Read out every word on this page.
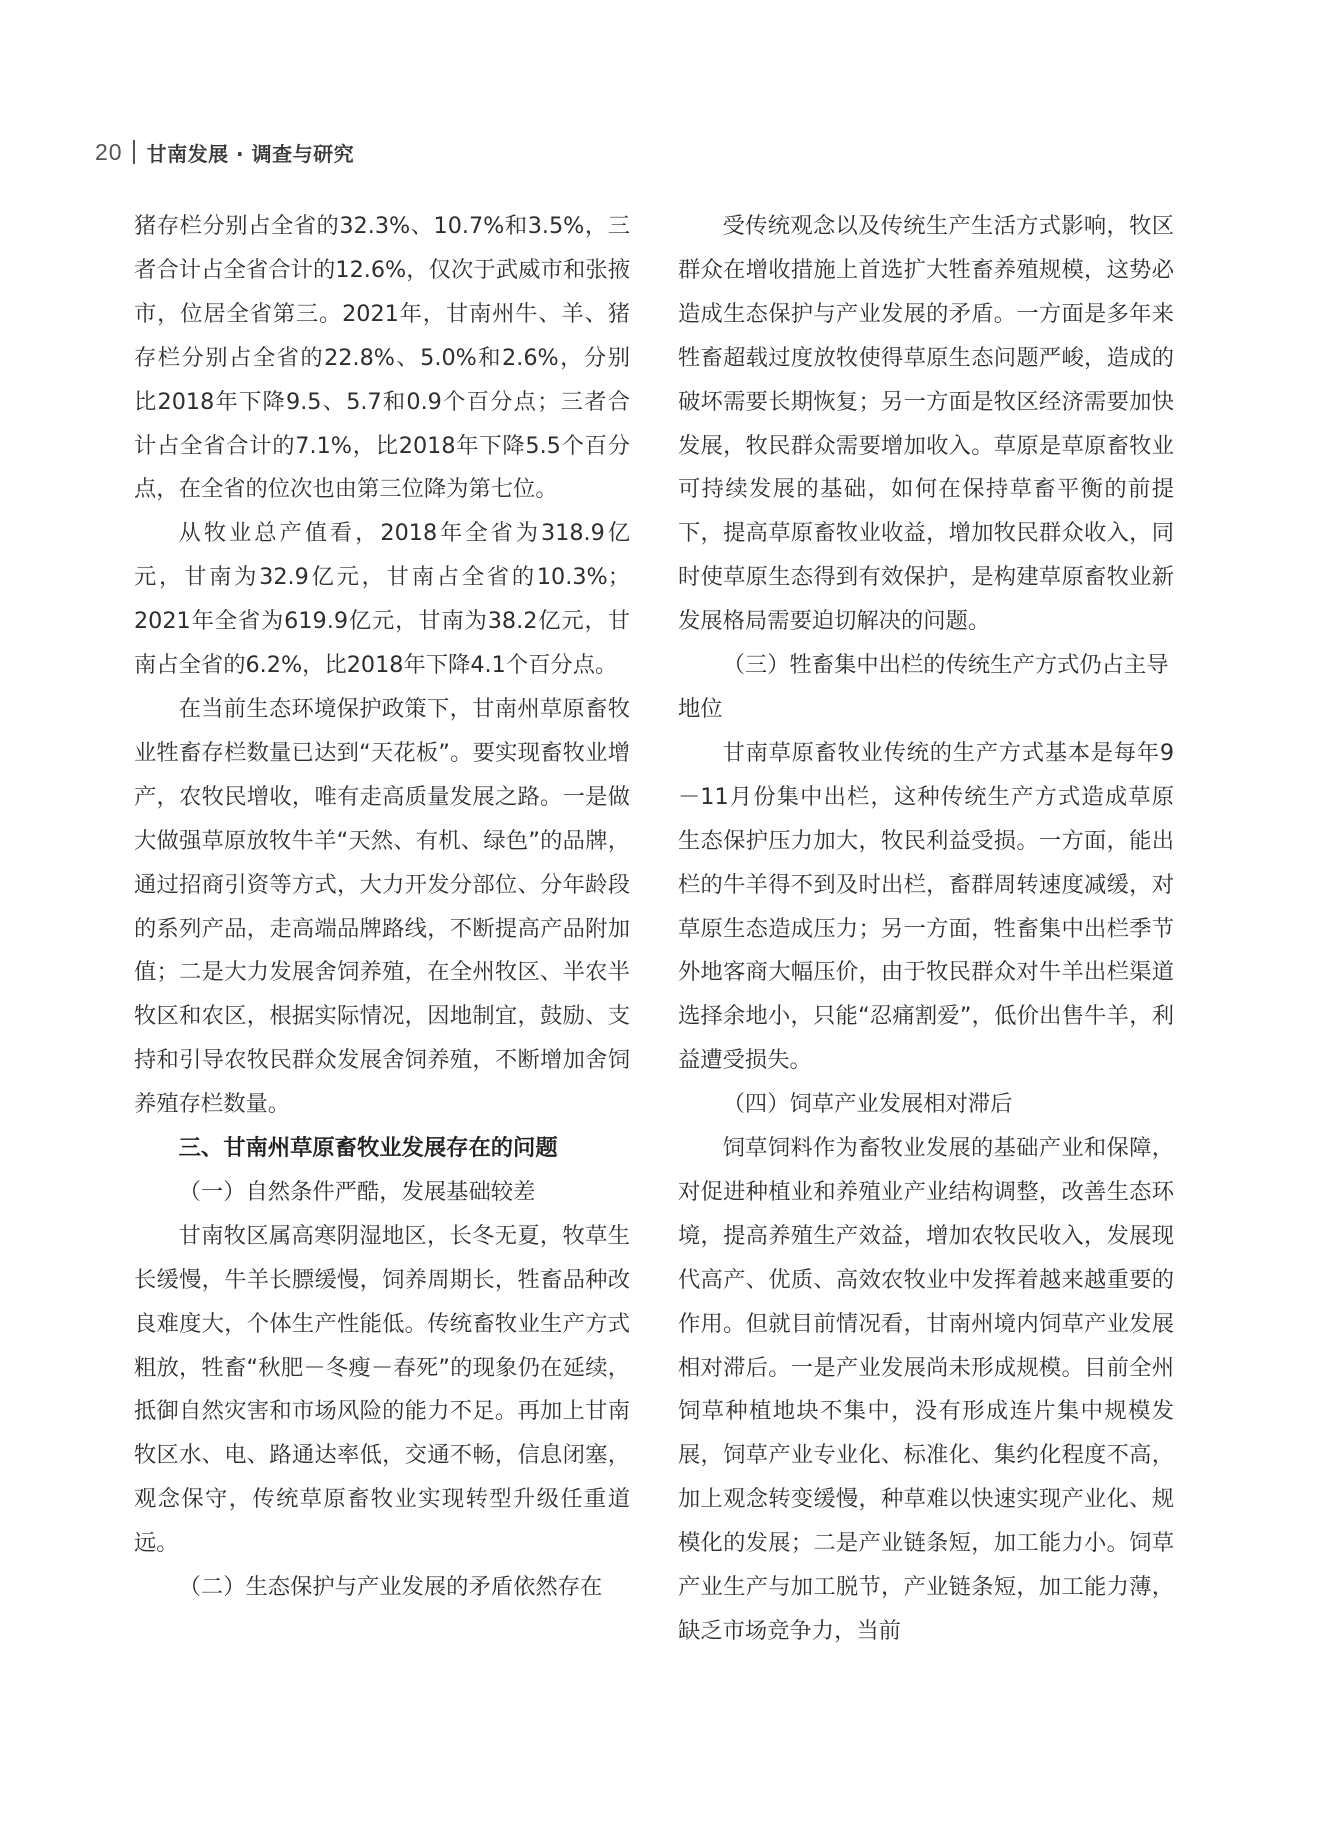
20 甘南发展 · 调查与研究

猪存栏分别占全省的32.3%、10.7%和3.5%，三者合计占全省合计的12.6%，仅次于武威市和张掖市，位居全省第三。2021年，甘南州牛、羊、猪存栏分别占全省的22.8%、5.0%和2.6%，分别比2018年下降9.5、5.7和0.9个百分点；三者合计占全省合计的7.1%，比2018年下降5.5个百分点，在全省的位次也由第三位降为第七位。

从牧业总产值看，2018年全省为318.9亿元，甘南为32.9亿元，甘南占全省的10.3%；2021年全省为619.9亿元，甘南为38.2亿元，甘南占全省的6.2%，比2018年下降4.1个百分点。

在当前生态环境保护政策下，甘南州草原畜牧业牲畜存栏数量已达到“天花板”。要实现畜牧业增产，农牧民增收，唯有走高质量发展之路。一是做大做强草原放牧牛羊“天然、有机、绿色”的品牌，通过招商引资等方式，大力开发分部位、分年龄段的系列产品，走高端品牌路线，不断提高产品附加值；二是大力发展舍饲养殖，在全州牧区、半农半牧区和农区，根据实际情况，因地制宜，鼓励、支持和引导农牧民群众发展舍饲养殖，不断增加舍饲养殖存栏数量。

三、甘南州草原畜牧业发展存在的问题

（一）自然条件严酷，发展基础较差

甘南牧区属高寒阴湿地区，长冬无夏，牧草生长缓慢，牛羊长膘缓慢，饲养周期长，牲畜品种改良难度大，个体生产性能低。传统畜牧业生产方式粗放，牲畜“秋肥－冬瘦－春死”的现象仍在延续，抵御自然灾害和市场风险的能力不足。再加上甘南牧区水、电、路通达率低，交通不畅，信息闭塞，观念保守，传统草原畜牧业实现转型升级任重道远。

（二）生态保护与产业发展的矛盾依然存在

受传统观念以及传统生产生活方式影响，牧区群众在增收措施上首选扩大牲畜养殖规模，这势必造成生态保护与产业发展的矛盾。一方面是多年来牲畜超载过度放牧使得草原生态问题严峻，造成的破坏需要长期恢复；另一方面是牧区经济需要加快发展，牧民群众需要增加收入。草原是草原畜牧业可持续发展的基础，如何在保持草畜平衡的前提下，提高草原畜牧业收益，增加牧民群众收入，同时使草原生态得到有效保护，是构建草原畜牧业新发展格局需要迫切解决的问题。

（三）牲畜集中出栏的传统生产方式仍占主导地位

甘南草原畜牧业传统的生产方式基本是每年9－11月份集中出栏，这种传统生产方式造成草原生态保护压力加大，牧民利益受损。一方面，能出栏的牛羊得不到及时出栏，畜群周转速度减缓，对草原生态造成压力；另一方面，牲畜集中出栏季节外地客商大幅压价，由于牧民群众对牛羊出栏渠道选择余地小，只能“忍痛割爱”，低价出售牛羊，利益遭受损失。

（四）饲草产业发展相对滞后

饲草饲料作为畜牧业发展的基础产业和保障，对促进种植业和养殖业产业结构调整，改善生态环境，提高养殖生产效益，增加农牧民收入，发展现代高产、优质、高效农牧业中发挥着越来越重要的作用。但就目前情况看，甘南州境内饲草产业发展相对滞后。一是产业发展尚未形成规模。目前全州饲草种植地块不集中，没有形成连片集中规模发展，饲草产业专业化、标准化、集约化程度不高，加上观念转变缓慢，种草难以快速实现产业化、规模化的发展；二是产业链条短，加工能力小。饲草产业生产与加工脱节，产业链条短，加工能力薄，缺乏市场竞争力，当前
